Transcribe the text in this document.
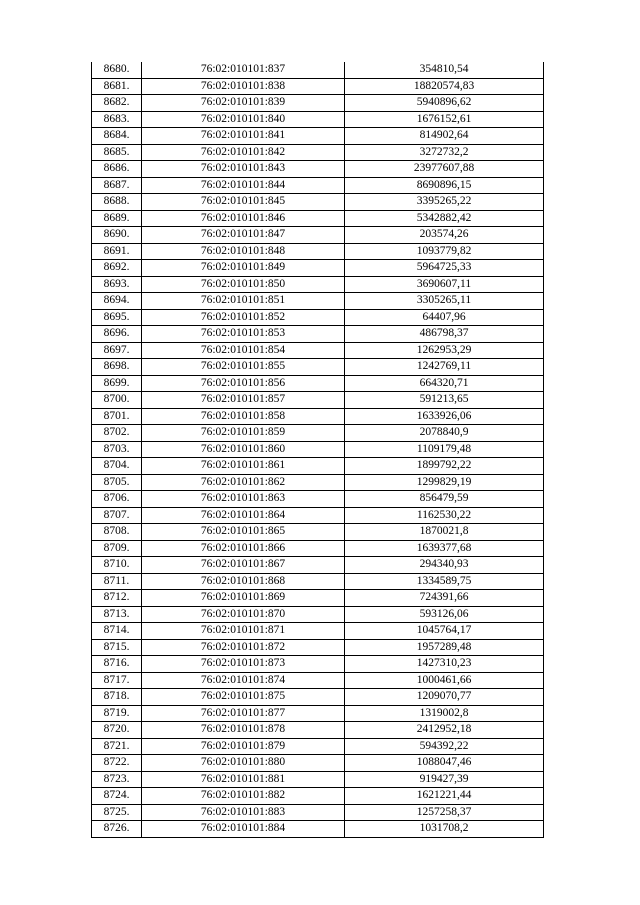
8680.	76:02:010101:837	354810,54
8681.	76:02:010101:838	18820574,83
8682.	76:02:010101:839	5940896,62
8683.	76:02:010101:840	1676152,61
8684.	76:02:010101:841	814902,64
8685.	76:02:010101:842	3272732,2
8686.	76:02:010101:843	23977607,88
8687.	76:02:010101:844	8690896,15
8688.	76:02:010101:845	3395265,22
8689.	76:02:010101:846	5342882,42
8690.	76:02:010101:847	203574,26
8691.	76:02:010101:848	1093779,82
8692.	76:02:010101:849	5964725,33
8693.	76:02:010101:850	3690607,11
8694.	76:02:010101:851	3305265,11
8695.	76:02:010101:852	64407,96
8696.	76:02:010101:853	486798,37
8697.	76:02:010101:854	1262953,29
8698.	76:02:010101:855	1242769,11
8699.	76:02:010101:856	664320,71
8700.	76:02:010101:857	591213,65
8701.	76:02:010101:858	1633926,06
8702.	76:02:010101:859	2078840,9
8703.	76:02:010101:860	1109179,48
8704.	76:02:010101:861	1899792,22
8705.	76:02:010101:862	1299829,19
8706.	76:02:010101:863	856479,59
8707.	76:02:010101:864	1162530,22
8708.	76:02:010101:865	1870021,8
8709.	76:02:010101:866	1639377,68
8710.	76:02:010101:867	294340,93
8711.	76:02:010101:868	1334589,75
8712.	76:02:010101:869	724391,66
8713.	76:02:010101:870	593126,06
8714.	76:02:010101:871	1045764,17
8715.	76:02:010101:872	1957289,48
8716.	76:02:010101:873	1427310,23
8717.	76:02:010101:874	1000461,66
8718.	76:02:010101:875	1209070,77
8719.	76:02:010101:877	1319002,8
8720.	76:02:010101:878	2412952,18
8721.	76:02:010101:879	594392,22
8722.	76:02:010101:880	1088047,46
8723.	76:02:010101:881	919427,39
8724.	76:02:010101:882	1621221,44
8725.	76:02:010101:883	1257258,37
8726.	76:02:010101:884	1031708,2
